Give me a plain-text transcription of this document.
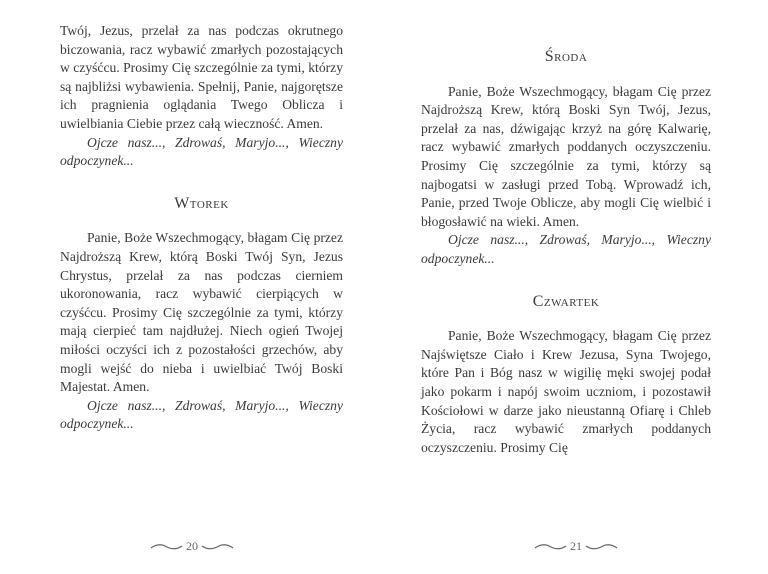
Twój, Jezus, przelał za nas podczas okrutnego biczowania, racz wybawić zmarłych pozostających w czyśćcu. Prosimy Cię szczególnie za tymi, którzy są najbliżsi wybawienia. Spełnij, Panie, najgorętsze ich pragnienia oglądania Twego Oblicza i uwielbiania Ciebie przez całą wieczność. Amen.

Ojcze nasz..., Zdrowaś, Maryjo..., Wieczny odpoczynek...

Wtorek

Panie, Boże Wszechmogący, błagam Cię przez Najdroższą Krew, którą Boski Twój Syn, Jezus Chrystus, przelał za nas podczas cierniem ukoronowania, racz wybawić cierpiących w czyśćcu. Prosimy Cię szczególnie za tymi, którzy mają cierpieć tam najdłużej. Niech ogień Twojej miłości oczyści ich z pozostałości grzechów, aby mogli wejść do nieba i uwielbiać Twój Boski Majestat. Amen.

Ojcze nasz..., Zdrowaś, Maryjo..., Wieczny odpoczynek...

20
Środa

Panie, Boże Wszechmogący, błagam Cię przez Najdroższą Krew, którą Boski Syn Twój, Jezus, przelał za nas, dźwigając krzyż na górę Kalwarię, racz wybawić zmarłych poddanych oczyszczeniu. Prosimy Cię szczególnie za tymi, którzy są najbogatsi w zasługi przed Tobą. Wprowadź ich, Panie, przed Twoje Oblicze, aby mogli Cię wielbić i błogosławić na wieki. Amen.

Ojcze nasz..., Zdrowaś, Maryjo..., Wieczny odpoczynek...

Czwartek

Panie, Boże Wszechmogący, błagam Cię przez Najświętsze Ciało i Krew Jezusa, Syna Twojego, które Pan i Bóg nasz w wigilię męki swojej podał jako pokarm i napój swoim uczniom, i pozostawił Kościołowi w darze jako nieustanną Ofiarę i Chleb Życia, racz wybawić zmarłych poddanych oczyszczeniu. Prosimy Cię

21
